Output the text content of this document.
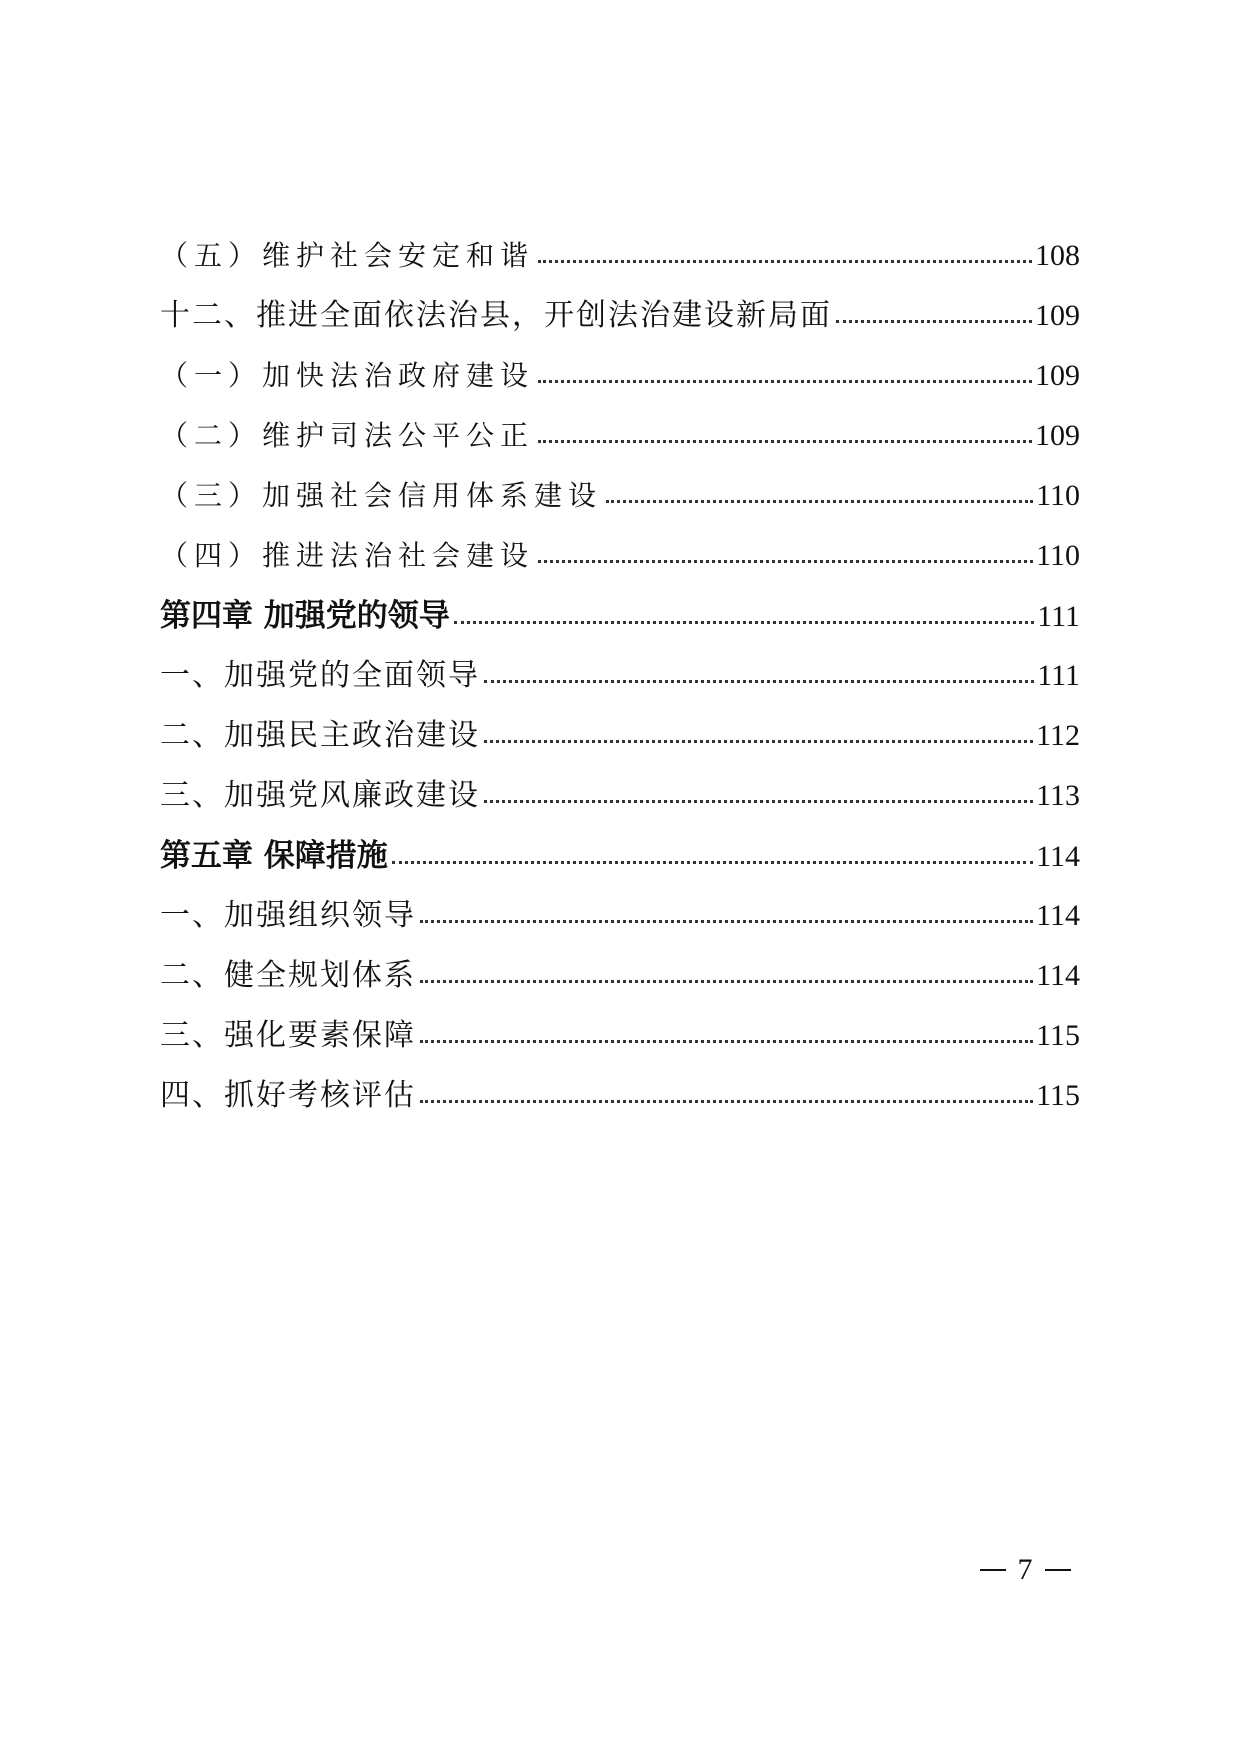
（五）维护社会安定和谐	108
十二、推进全面依法治县，开创法治建设新局面	109
（一）加快法治政府建设	109
（二）维护司法公平公正	109
（三）加强社会信用体系建设	110
（四）推进法治社会建设	110
第四章 加强党的领导	111
一、加强党的全面领导	111
二、加强民主政治建设	112
三、加强党风廉政建设	113
第五章 保障措施	114
一、加强组织领导	114
二、健全规划体系	114
三、强化要素保障	115
四、抓好考核评估	115
7
